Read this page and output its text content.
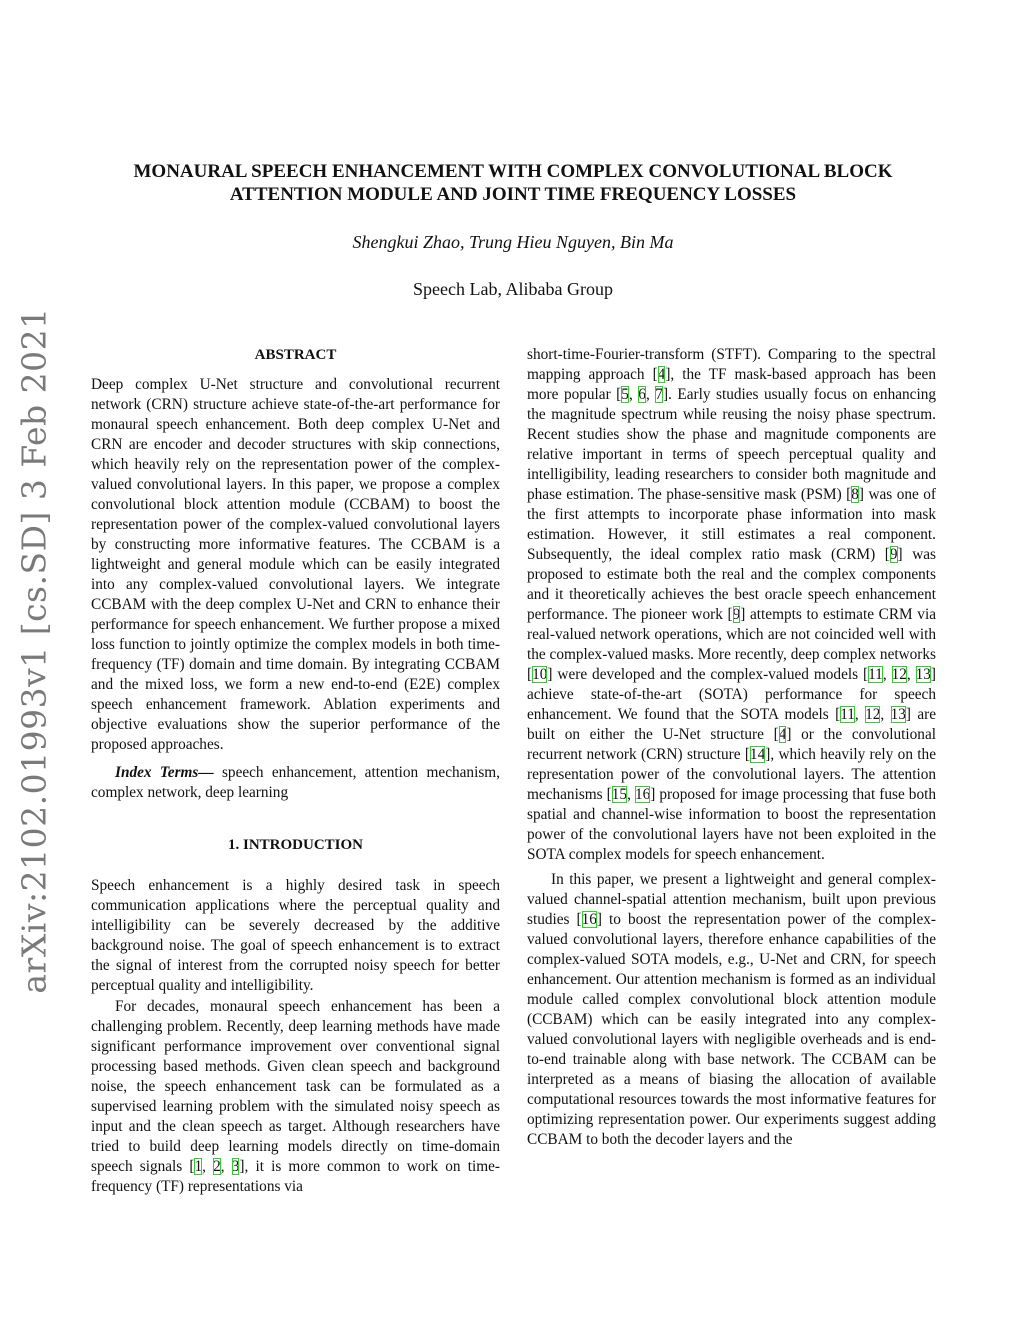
arXiv:2102.01993v1 [cs.SD] 3 Feb 2021
MONAURAL SPEECH ENHANCEMENT WITH COMPLEX CONVOLUTIONAL BLOCK
ATTENTION MODULE AND JOINT TIME FREQUENCY LOSSES
Shengkui Zhao, Trung Hieu Nguyen, Bin Ma
Speech Lab, Alibaba Group
ABSTRACT

Deep complex U-Net structure and convolutional recurrent network (CRN) structure achieve state-of-the-art performance for monaural speech enhancement. Both deep complex U-Net and CRN are encoder and decoder structures with skip connections, which heavily rely on the representation power of the complex-valued convolutional layers. In this paper, we propose a complex convolutional block attention module (CCBAM) to boost the representation power of the complex-valued convolutional layers by constructing more informative features. The CCBAM is a lightweight and general module which can be easily integrated into any complex-valued convolutional layers. We integrate CCBAM with the deep complex U-Net and CRN to enhance their performance for speech enhancement. We further propose a mixed loss function to jointly optimize the complex models in both time-frequency (TF) domain and time domain. By integrating CCBAM and the mixed loss, we form a new end-to-end (E2E) complex speech enhancement framework. Ablation experiments and objective evaluations show the superior performance of the proposed approaches.

Index Terms— speech enhancement, attention mechanism, complex network, deep learning

1. INTRODUCTION

Speech enhancement is a highly desired task in speech communication applications where the perceptual quality and intelligibility can be severely decreased by the additive background noise. The goal of speech enhancement is to extract the signal of interest from the corrupted noisy speech for better perceptual quality and intelligibility.

For decades, monaural speech enhancement has been a challenging problem. Recently, deep learning methods have made significant performance improvement over conventional signal processing based methods. Given clean speech and background noise, the speech enhancement task can be formulated as a supervised learning problem with the simulated noisy speech as input and the clean speech as target. Although researchers have tried to build deep learning models directly on time-domain speech signals [1, 2, 3], it is more common to work on time-frequency (TF) representations via

short-time-Fourier-transform (STFT). Comparing to the spectral mapping approach [4], the TF mask-based approach has been more popular [5, 6, 7]. Early studies usually focus on enhancing the magnitude spectrum while reusing the noisy phase spectrum. Recent studies show the phase and magnitude components are relative important in terms of speech perceptual quality and intelligibility, leading researchers to consider both magnitude and phase estimation. The phase-sensitive mask (PSM) [8] was one of the first attempts to incorporate phase information into mask estimation. However, it still estimates a real component. Subsequently, the ideal complex ratio mask (CRM) [9] was proposed to estimate both the real and the complex components and it theoretically achieves the best oracle speech enhancement performance. The pioneer work [9] attempts to estimate CRM via real-valued network operations, which are not coincided well with the complex-valued masks. More recently, deep complex networks [10] were developed and the complex-valued models [11, 12, 13] achieve state-of-the-art (SOTA) performance for speech enhancement. We found that the SOTA models [11, 12, 13] are built on either the U-Net structure [4] or the convolutional recurrent network (CRN) structure [14], which heavily rely on the representation power of the convolutional layers. The attention mechanisms [15, 16] proposed for image processing that fuse both spatial and channel-wise information to boost the representation power of the convolutional layers have not been exploited in the SOTA complex models for speech enhancement.

In this paper, we present a lightweight and general complex-valued channel-spatial attention mechanism, built upon previous studies [16] to boost the representation power of the complex-valued convolutional layers, therefore enhance capabilities of the complex-valued SOTA models, e.g., U-Net and CRN, for speech enhancement. Our attention mechanism is formed as an individual module called complex convolutional block attention module (CCBAM) which can be easily integrated into any complex-valued convolutional layers with negligible overheads and is end-to-end trainable along with base network. The CCBAM can be interpreted as a means of biasing the allocation of available computational resources towards the most informative features for optimizing representation power. Our experiments suggest adding CCBAM to both the decoder layers and the
